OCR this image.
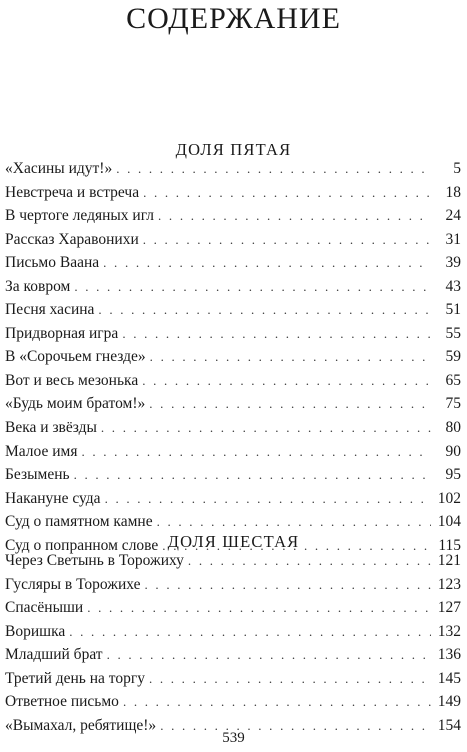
СОДЕРЖАНИЕ
ДОЛЯ ПЯТАЯ
«Хасины идут!» . . .	5
Невстреча и встреча . . .	18
В чертоге ледяных игл . . .	24
Рассказ Харавонихи . . .	31
Письмо Ваана . . .	39
За ковром . . .	43
Песня хасина . . .	51
Придворная игра . . .	55
В «Сорочьем гнезде» . . .	59
Вот и весь мезонька . . .	65
«Будь моим братом!» . . .	75
Века и звёзды . . .	80
Малое имя . . .	90
Безымень . . .	95
Накануне суда . . .	102
Суд о памятном камне . . .	104
Суд о попранном слове . . .	115
ДОЛЯ ШЕСТАЯ
Через Светынь в Торожиху . . .	121
Гусляры в Торожихе . . .	123
Спасёныши . . .	127
Воришка . . .	132
Младший брат . . .	136
Третий день на торгу . . .	145
Ответное письмо . . .	149
«Вымахал, ребятище!» . . .	154
539
